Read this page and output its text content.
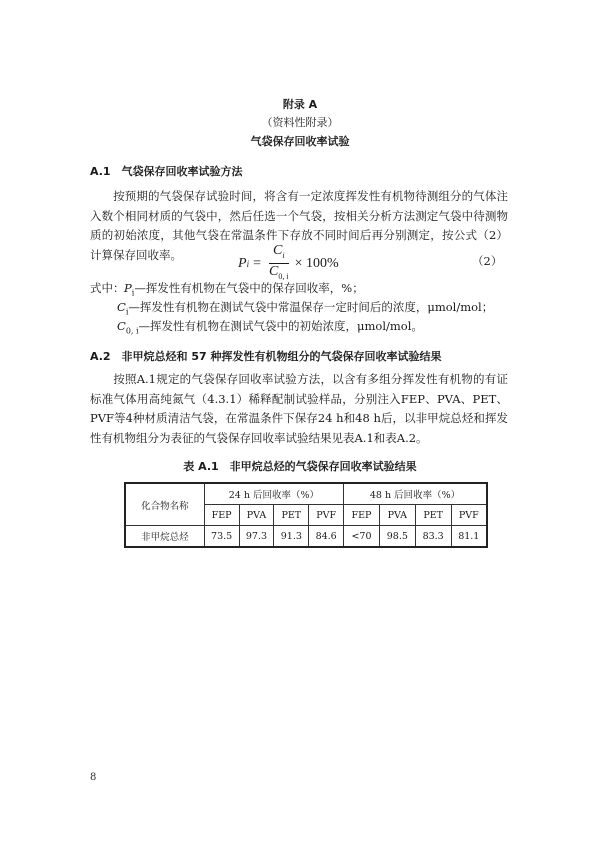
附录 A
（资料性附录）
气袋保存回收率试验
A.1　气袋保存回收率试验方法
按预期的气袋保存试验时间，将含有一定浓度挥发性有机物待测组分的气体注入数个相同材质的气袋中，然后任选一个气袋，按相关分析方法测定气袋中待测物质的初始浓度，其他气袋在常温条件下存放不同时间后再分别测定，按公式（2）计算保存回收率。
P $i = \frac{C_i}{C_{0, i}} \times 100\%$	（2）
式中： $P_i—$挥发性有机物在气袋中的保存回收率，%；
$C_i—$挥发性有机物在测试气袋中常温保存一定时间后的浓度，μmol/mol；
$C_{0, i}—$挥发性有机物在测试气袋中的初始浓度，μmol/mol。
A.2　非甲烷总烃和 57 种挥发性有机物组分的气袋保存回收率试验结果
按照A.1规定的气袋保存回收率试验方法，以含有多组分挥发性有机物的有证标准气体用高纯氮气（4.3.1）稀释配制试验样品，分别注入FEP、PVA、PET、PVF等4种材质清洁气袋，在常温条件下保存24 h和48 h后，以非甲烷总烃和挥发性有机物组分为表征的气袋保存回收率试验结果见表A.1和表A.2。
表 A.1　非甲烷总烃的气袋保存回收率试验结果
化合物名称	24 h 后回收率（%）				48 h 后回收率（%）			
	FEP	PVA	PET	PVF	FEP	PVA	PET	PVF
非甲烷总烃	73.5	97.3	91.3	84.6	<70	98.5	83.3	81.1
8
